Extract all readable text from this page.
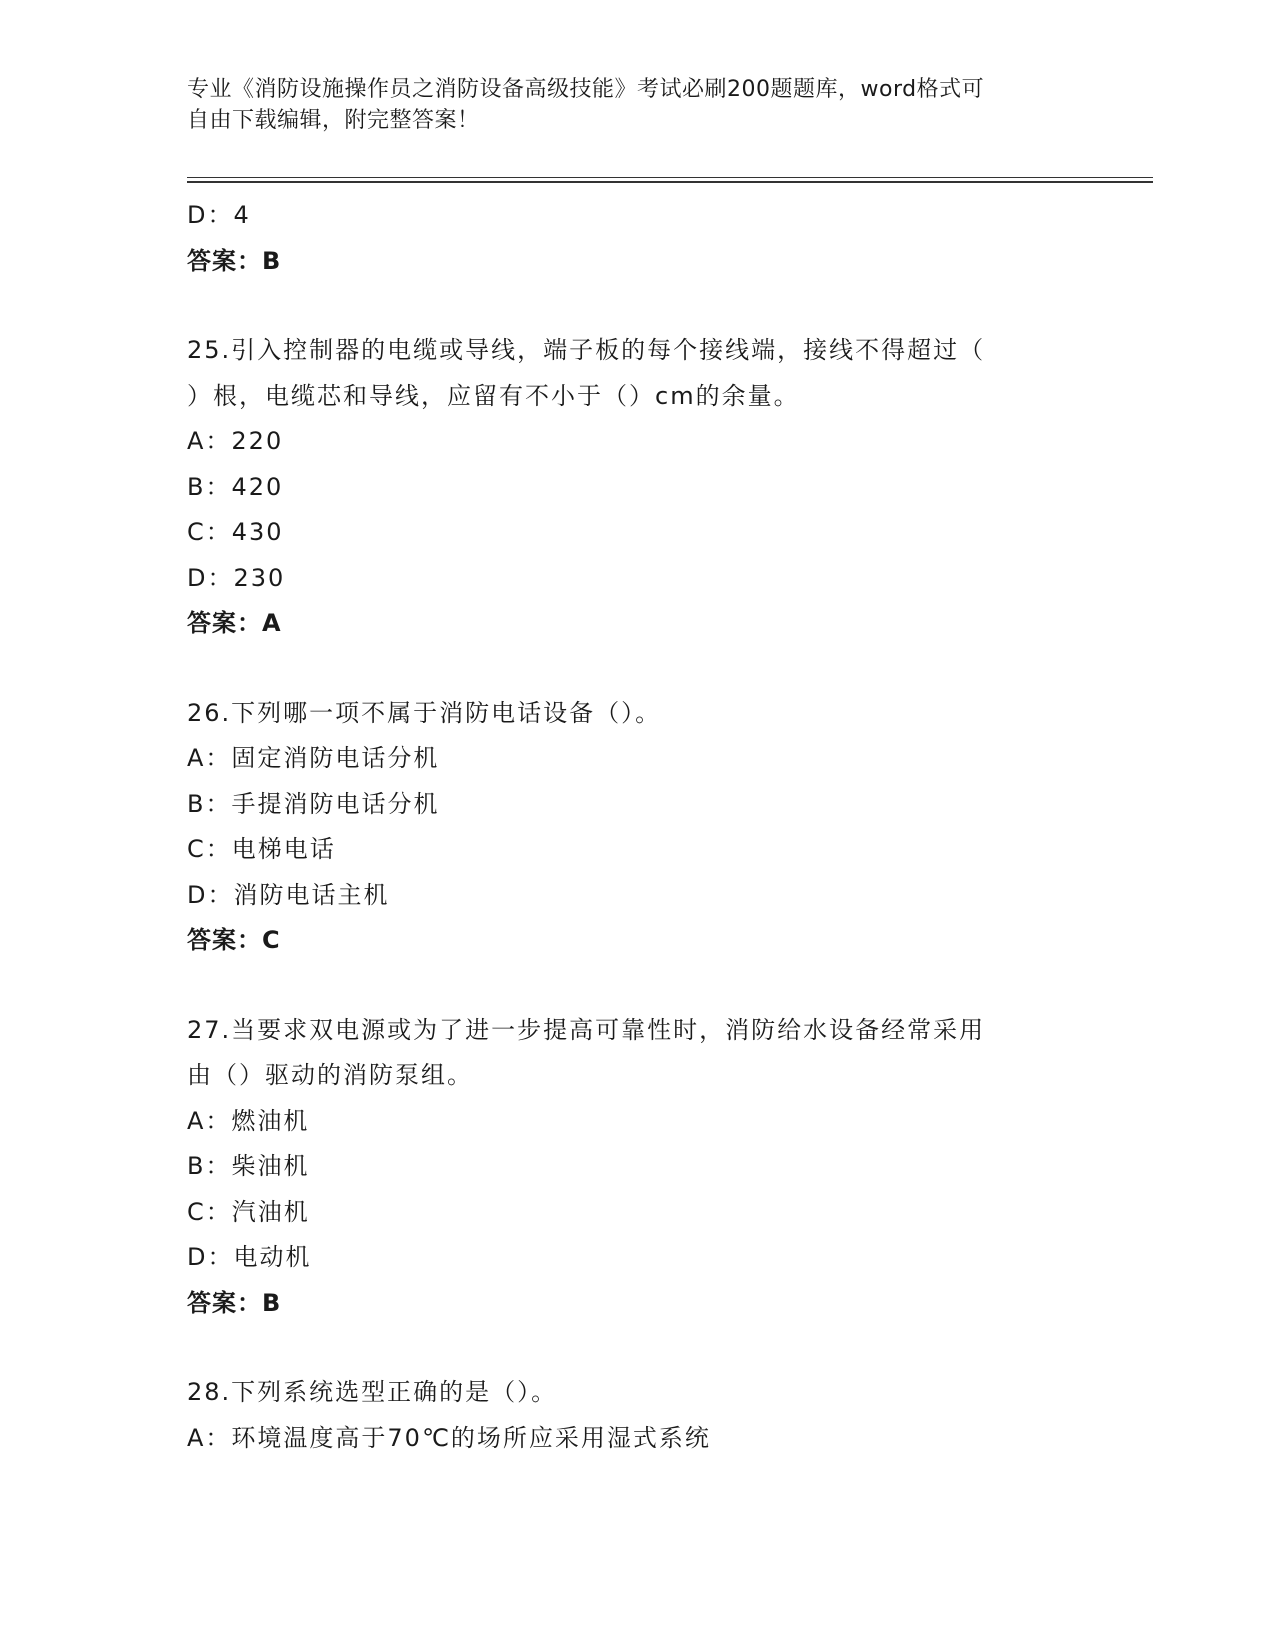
专业《消防设施操作员之消防设备高级技能》考试必刷200题题库，word格式可
自由下载编辑，附完整答案！
D：4
答案：B
25.引入控制器的电缆或导线，端子板的每个接线端，接线不得超过（
）根，电缆芯和导线，应留有不小于（）cm的余量。
A：220
B：420
C：430
D：230
答案：A
26.下列哪一项不属于消防电话设备（）。
A：固定消防电话分机
B：手提消防电话分机
C：电梯电话
D：消防电话主机
答案：C
27.当要求双电源或为了进一步提高可靠性时，消防给水设备经常采用
由（）驱动的消防泵组。
A：燃油机
B：柴油机
C：汽油机
D：电动机
答案：B
28.下列系统选型正确的是（）。
A：环境温度高于70℃的场所应采用湿式系统
